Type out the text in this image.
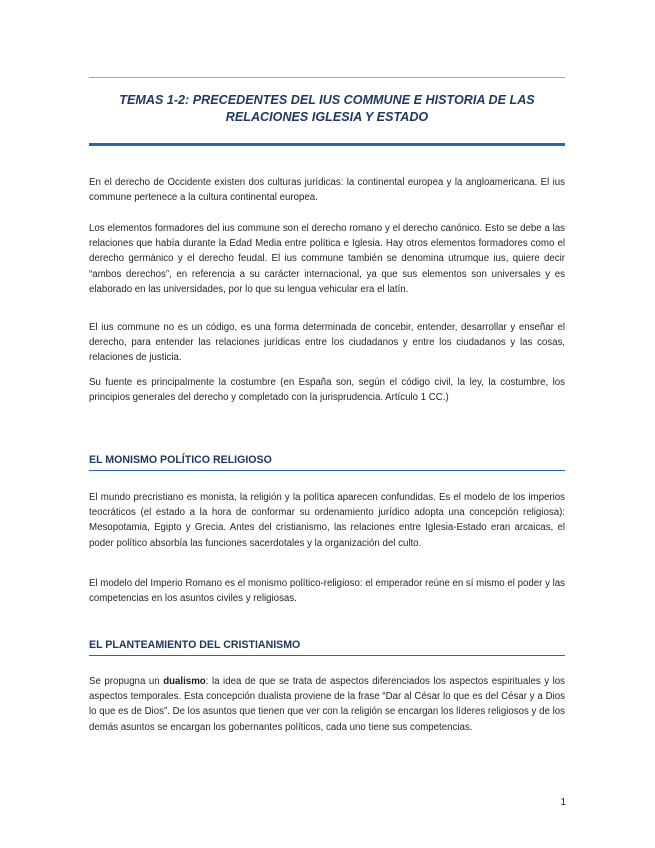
TEMAS 1-2: PRECEDENTES DEL IUS COMMUNE E HISTORIA DE LAS RELACIONES IGLESIA Y ESTADO

En el derecho de Occidente existen dos culturas jurídicas: la continental europea y la angloamericana. El ius commune pertenece a la cultura continental europea.

Los elementos formadores del ius commune son el derecho romano y el derecho canónico. Esto se debe a las relaciones que había durante la Edad Media entre política e Iglesia. Hay otros elementos formadores como el derecho germánico y el derecho feudal. El ius commune también se denomina utrumque ius, quiere decir “ambos derechos”, en referencia a su carácter internacional, ya que sus elementos son universales y es elaborado en las universidades, por lo que su lengua vehicular era el latín.

El ius commune no es un código, es una forma determinada de concebir, entender, desarrollar y enseñar el derecho, para entender las relaciones jurídicas entre los ciudadanos y entre los ciudadanos y las cosas, relaciones de justicia.

Su fuente es principalmente la costumbre (en España son, según el código civil, la ley, la costumbre, los principios generales del derecho y completado con la jurisprudencia. Artículo 1 CC.)

EL MONISMO POLÍTICO RELIGIOSO

El mundo precristiano es monista, la religión y la política aparecen confundidas. Es el modelo de los imperios teocráticos (el estado a la hora de conformar su ordenamiento jurídico adopta una concepción religiosa): Mesopotamia, Egipto y Grecia. Antes del cristianismo, las relaciones entre Iglesia-Estado eran arcaicas, el poder político absorbía las funciones sacerdotales y la organización del culto.

El modelo del Imperio Romano es el monismo político-religioso: el emperador reúne en sí mismo el poder y las competencias en los asuntos civiles y religiosas.

EL PLANTEAMIENTO DEL CRISTIANISMO

Se propugna un dualismo: la idea de que se trata de aspectos diferenciados los aspectos espirituales y los aspectos temporales. Esta concepción dualista proviene de la frase “Dar al César lo que es del César y a Dios lo que es de Dios”. De los asuntos que tienen que ver con la religión se encargan los líderes religiosos y de los demás asuntos se encargan los gobernantes políticos, cada uno tiene sus competencias.

1
